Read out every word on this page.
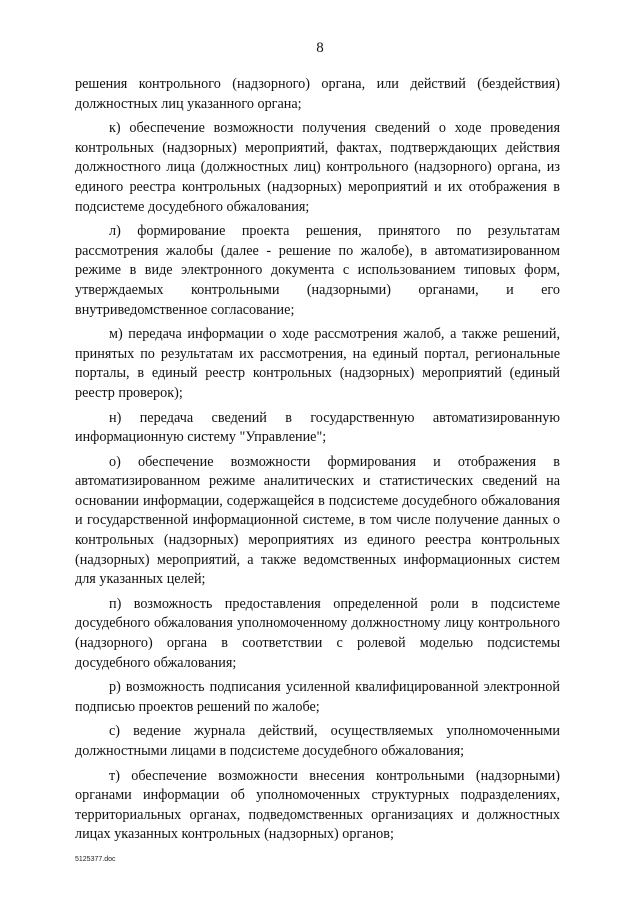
8

решения контрольного (надзорного) органа, или действий (бездействия) должностных лиц указанного органа;

к) обеспечение возможности получения сведений о ходе проведения контрольных (надзорных) мероприятий, фактах, подтверждающих действия должностного лица (должностных лиц) контрольного (надзорного) органа, из единого реестра контрольных (надзорных) мероприятий и их отображения в подсистеме досудебного обжалования;

л) формирование проекта решения, принятого по результатам рассмотрения жалобы (далее - решение по жалобе), в автоматизированном режиме в виде электронного документа с использованием типовых форм, утверждаемых контрольными (надзорными) органами, и его внутриведомственное согласование;

м) передача информации о ходе рассмотрения жалоб, а также решений, принятых по результатам их рассмотрения, на единый портал, региональные порталы, в единый реестр контрольных (надзорных) мероприятий (единый реестр проверок);

н) передача сведений в государственную автоматизированную информационную систему "Управление";

о) обеспечение возможности формирования и отображения в автоматизированном режиме аналитических и статистических сведений на основании информации, содержащейся в подсистеме досудебного обжалования и государственной информационной системе, в том числе получение данных о контрольных (надзорных) мероприятиях из единого реестра контрольных (надзорных) мероприятий, а также ведомственных информационных систем для указанных целей;

п) возможность предоставления определенной роли в подсистеме досудебного обжалования уполномоченному должностному лицу контрольного (надзорного) органа в соответствии с ролевой моделью подсистемы досудебного обжалования;

р) возможность подписания усиленной квалифицированной электронной подписью проектов решений по жалобе;

с) ведение журнала действий, осуществляемых уполномоченными должностными лицами в подсистеме досудебного обжалования;

т) обеспечение возможности внесения контрольными (надзорными) органами информации об уполномоченных структурных подразделениях, территориальных органах, подведомственных организациях и должностных лицах указанных контрольных (надзорных) органов;

5125377.doc
